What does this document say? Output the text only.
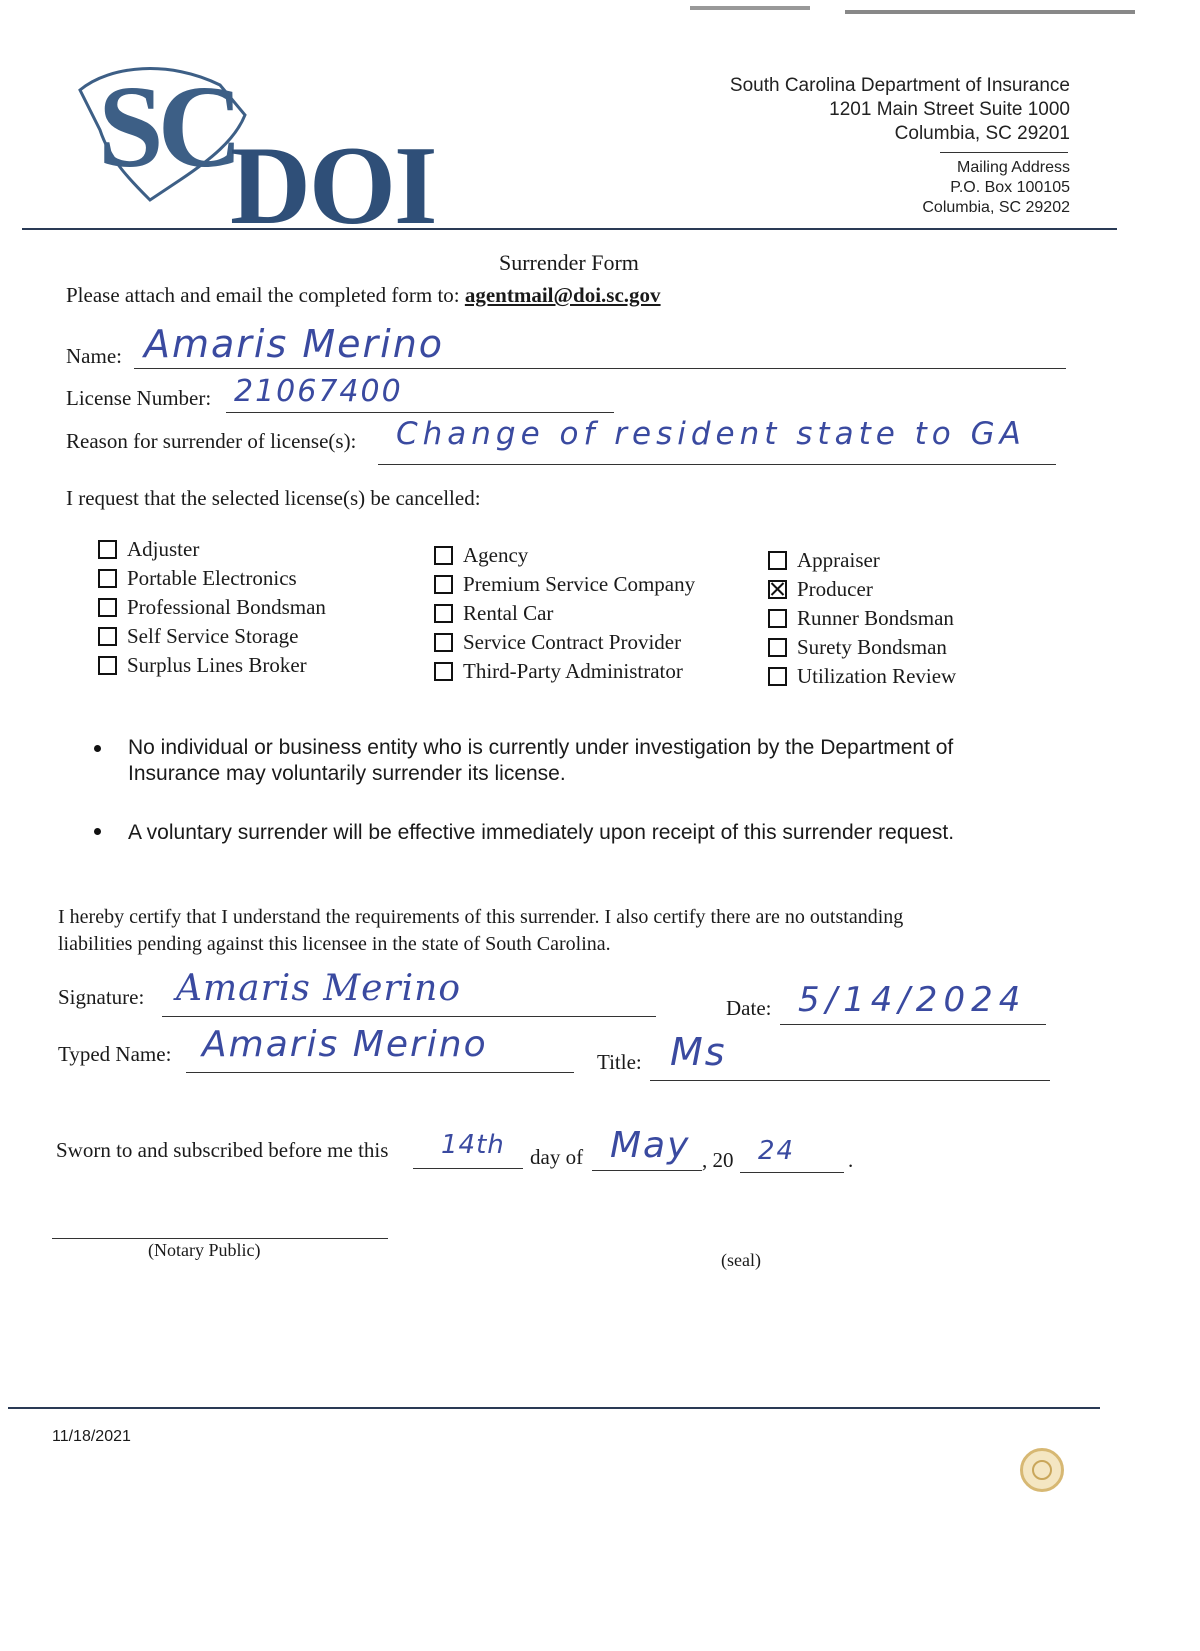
SC
DOI
South Carolina Department of Insurance
1201 Main Street Suite 1000
Columbia, SC 29201
Mailing Address
P.O. Box 100105
Columbia, SC 29202
Surrender Form
Please attach and email the completed form to: agentmail@doi.sc.gov
Name: Amaris Merino
License Number: 21067400
Reason for surrender of license(s): Change of resident state to GA
I request that the selected license(s) be cancelled:
Adjuster
Portable Electronics
Professional Bondsman
Self Service Storage
Surplus Lines Broker
Agency
Premium Service Company
Rental Car
Service Contract Provider
Third-Party Administrator
Appraiser
Producer
Runner Bondsman
Surety Bondsman
Utilization Review
No individual or business entity who is currently under investigation by the Department of
Insurance may voluntarily surrender its license.
A voluntary surrender will be effective immediately upon receipt of this surrender request.
I hereby certify that I understand the requirements of this surrender. I also certify there are no outstanding
liabilities pending against this licensee in the state of South Carolina.
Signature: Amaris Merino	Date: 5/14/2024
Typed Name: Amaris Merino	Title: Ms
Sworn to and subscribed before me this 14th day of May , 20 24	.
(Notary Public)	(seal)
11/18/2021
